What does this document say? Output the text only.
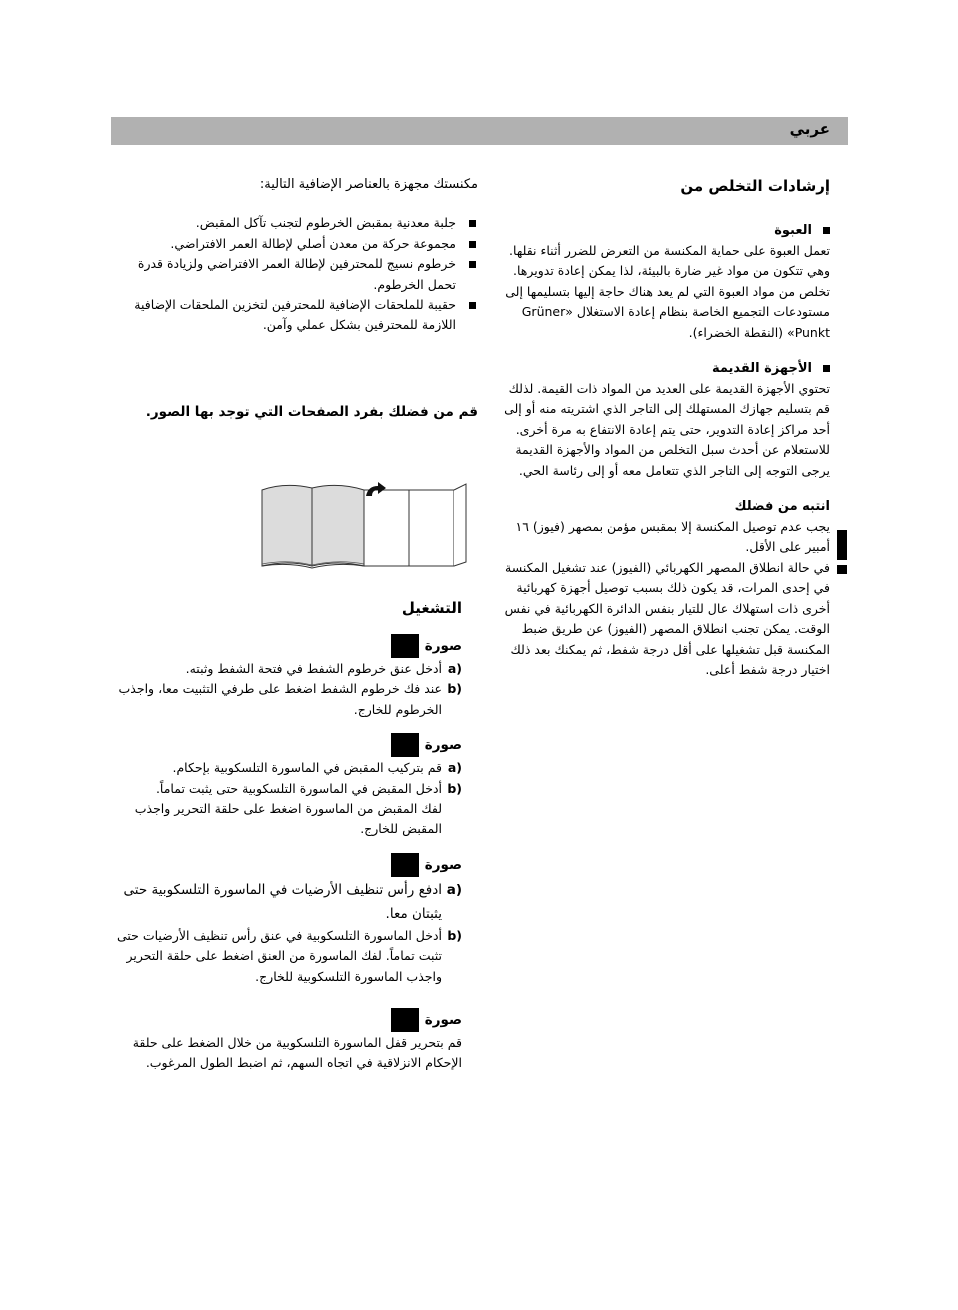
عربي
إرشادات التخلص من
العبوة

تعمل العبوة على حماية المكنسة من التعرض للضرر أثناء نقلها. وهي تتكون من مواد غير ضارة بالبيئة، لذا يمكن إعادة تدويرها. تخلص من مواد العبوة التي لم يعد هناك حاجة إليها بتسليمها إلى مستودعات التجميع الخاصة بنظام إعادة الاستغلال «Grüner Punkt» (النقطة الخضراء).

الأجهزة القديمة

تحتوي الأجهزة القديمة على العديد من المواد ذات القيمة. لذلك قم بتسليم جهازك المستهلك إلى التاجر الذي اشتريته منه أو إلى أحد مراكز إعادة التدوير، حتى يتم إعادة الانتفاع به مرة أخرى. للاستعلام عن أحدث سبل التخلص من المواد والأجهزة القديمة يرجى التوجه إلى التاجر الذي تتعامل معه أو إلى رئاسة الحي.

انتبه من فضلك

يجب عدم توصيل المكنسة إلا بمقبس مؤمن بمصهر (فيوز) ١٦ أمبير على الأقل.

في حالة انطلاق المصهر الكهربائي (الفيوز) عند تشغيل المكنسة في إحدى المرات، قد يكون ذلك بسبب توصيل أجهزة كهربائية أخرى ذات استهلاك عال للتيار بنفس الدائرة الكهربائية في نفس الوقت. يمكن تجنب انطلاق المصهر (الفيوز) عن طريق ضبط المكنسة قبل تشغيلها على أقل درجة شفط، ثم يمكنك بعد ذلك اختيار درجة شفط أعلى.

مكنستك مجهزة بالعناصر الإضافية التالية:
جلبة معدنية بمقبض الخرطوم لتجنب تآكل المقبض.
مجموعة حركة من معدن أصلي لإطالة العمر الافتراضي.
خرطوم نسيج للمحترفين لإطالة العمر الافتراضي ولزيادة قدرة تحمل الخرطوم.
حقيبة للملحقات الإضافية للمحترفين لتخزين الملحقات الإضافية اللازمة للمحترفين بشكل عملي وآمن.
قم من فضلك بفرد الصفحات التي توجد بها الصور.
التشغيل
صورة
a)
أدخل عنق خرطوم الشفط في فتحة الشفط وثبته.
b)
عند فك خرطوم الشفط اضغط على طرفي التثبيت معا، واجذب الخرطوم للخارج.
صورة
a)
قم بتركيب المقبض في الماسورة التلسكوبية بإحكام.
b)
أدخل المقبض في الماسورة التلسكوبية حتى يثبت تماماً.
لفك المقبض من الماسورة اضغط على حلقة التحرير واجذب المقبض للخارج.
صورة
a)
ادفع رأس تنظيف الأرضيات في الماسورة التلسكوبية حتى يثبتان معا.
b)
أدخل الماسورة التلسكوبية في عنق رأس تنظيف الأرضيات حتى تثبت تماماً. لفك الماسورة من العنق اضغط على حلقة التحرير واجذب الماسورة التلسكوبية للخارج.
صورة
قم بتحرير قفل الماسورة التلسكوبية من خلال الضغط على حلقة الإحكام الانزلاقية في اتجاه السهم، ثم اضبط الطول المرغوب.
